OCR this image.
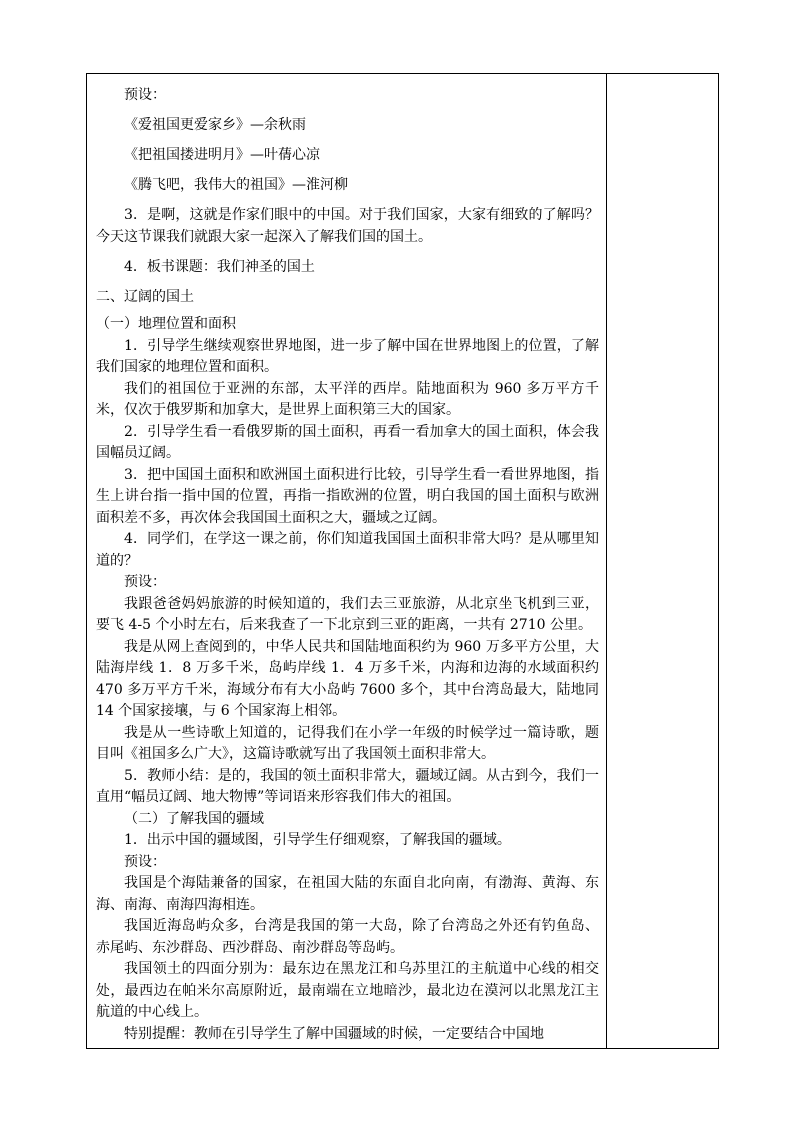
预设：

《爱祖国更爱家乡》—余秋雨

《把祖国搂进明月》—叶蒨心凉

《腾飞吧，我伟大的祖国》—淮河柳

3．是啊，这就是作家们眼中的中国。对于我们国家，大家有细致的了解吗？今天这节课我们就跟大家一起深入了解我们国的国土。

4．板书课题：我们神圣的国土

二、辽阔的国土

（一）地理位置和面积

1．引导学生继续观察世界地图，进一步了解中国在世界地图上的位置，了解我们国家的地理位置和面积。

我们的祖国位于亚洲的东部，太平洋的西岸。陆地面积为 960 多万平方千米，仅次于俄罗斯和加拿大，是世界上面积第三大的国家。

2．引导学生看一看俄罗斯的国土面积，再看一看加拿大的国土面积，体会我国幅员辽阔。

3．把中国国土面积和欧洲国土面积进行比较，引导学生看一看世界地图，指生上讲台指一指中国的位置，再指一指欧洲的位置，明白我国的国土面积与欧洲面积差不多，再次体会我国国土面积之大，疆域之辽阔。

4．同学们，在学这一课之前，你们知道我国国土面积非常大吗？是从哪里知道的？

预设：

我跟爸爸妈妈旅游的时候知道的，我们去三亚旅游，从北京坐飞机到三亚，要飞 4-5 个小时左右，后来我查了一下北京到三亚的距离，一共有 2710 公里。

我是从网上查阅到的，中华人民共和国陆地面积约为 960 万多平方公里，大陆海岸线 1．8 万多千米，岛屿岸线 1．4 万多千米，内海和边海的水域面积约 470 多万平方千米，海域分布有大小岛屿 7600 多个，其中台湾岛最大，陆地同 14 个国家接壤，与 6 个国家海上相邻。

我是从一些诗歌上知道的，记得我们在小学一年级的时候学过一篇诗歌，题目叫《祖国多么广大》，这篇诗歌就写出了我国领土面积非常大。

5．教师小结：是的，我国的领土面积非常大，疆域辽阔。从古到今，我们一直用“幅员辽阔、地大物博”等词语来形容我们伟大的祖国。

（二）了解我国的疆域

1．出示中国的疆域图，引导学生仔细观察，了解我国的疆域。

预设：

我国是个海陆兼备的国家，在祖国大陆的东面自北向南，有渤海、黄海、东海、南海、南海四海相连。

我国近海岛屿众多，台湾是我国的第一大岛，除了台湾岛之外还有钓鱼岛、赤尾屿、东沙群岛、西沙群岛、南沙群岛等岛屿。

我国领土的四面分别为：最东边在黑龙江和乌苏里江的主航道中心线的相交处，最西边在帕米尔高原附近，最南端在立地暗沙，最北边在漠河以北黑龙江主航道的中心线上。

特别提醒：教师在引导学生了解中国疆域的时候，一定要结合中国地
